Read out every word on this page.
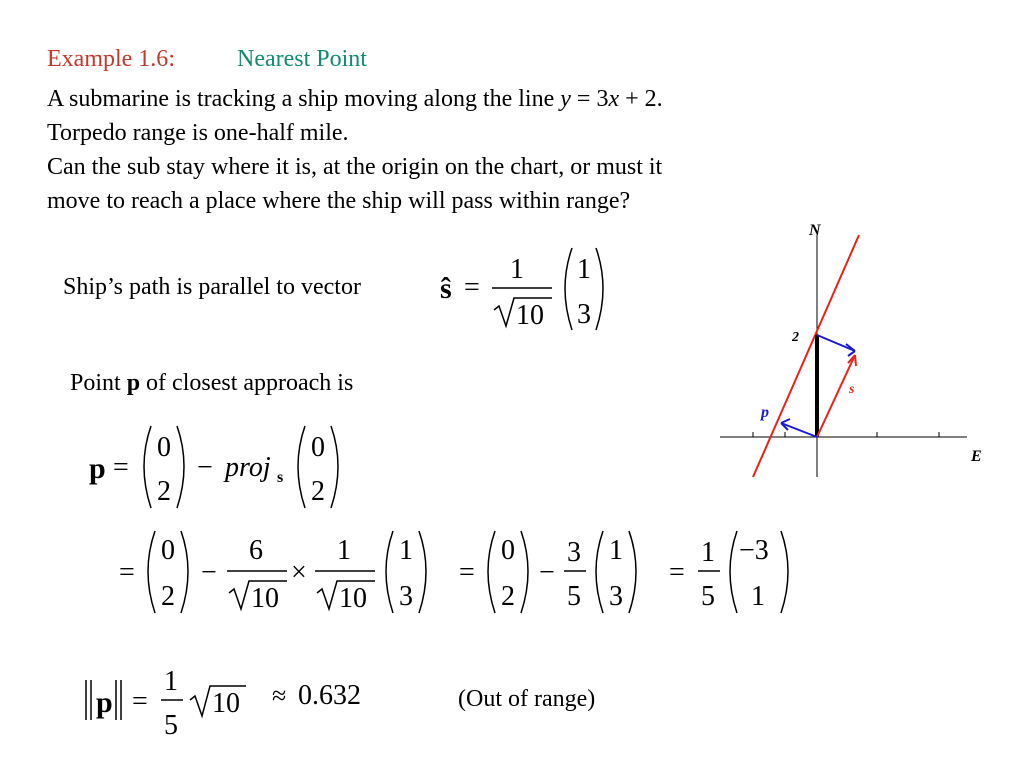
Example 1.6:	Nearest Point
A submarine is tracking a ship moving along the line y = 3x + 2.
Torpedo range is one-half mile.
Can the sub stay where it is, at the origin on the chart, or must it
move to reach a place where the ship will pass within range?
Ship’s path is parallel to vector	ŝ =
1
10
1
3
Point p of closest approach is
p =
0
2
− proj s
0
2
=
0
2
−
6
10
×
1
10
1
3
=
0
2
−
3
5
1
3
=
1
5
−3
1
p =
1
5
10 ≈ 0.632	(Out of range)
N
E
2
s
p
